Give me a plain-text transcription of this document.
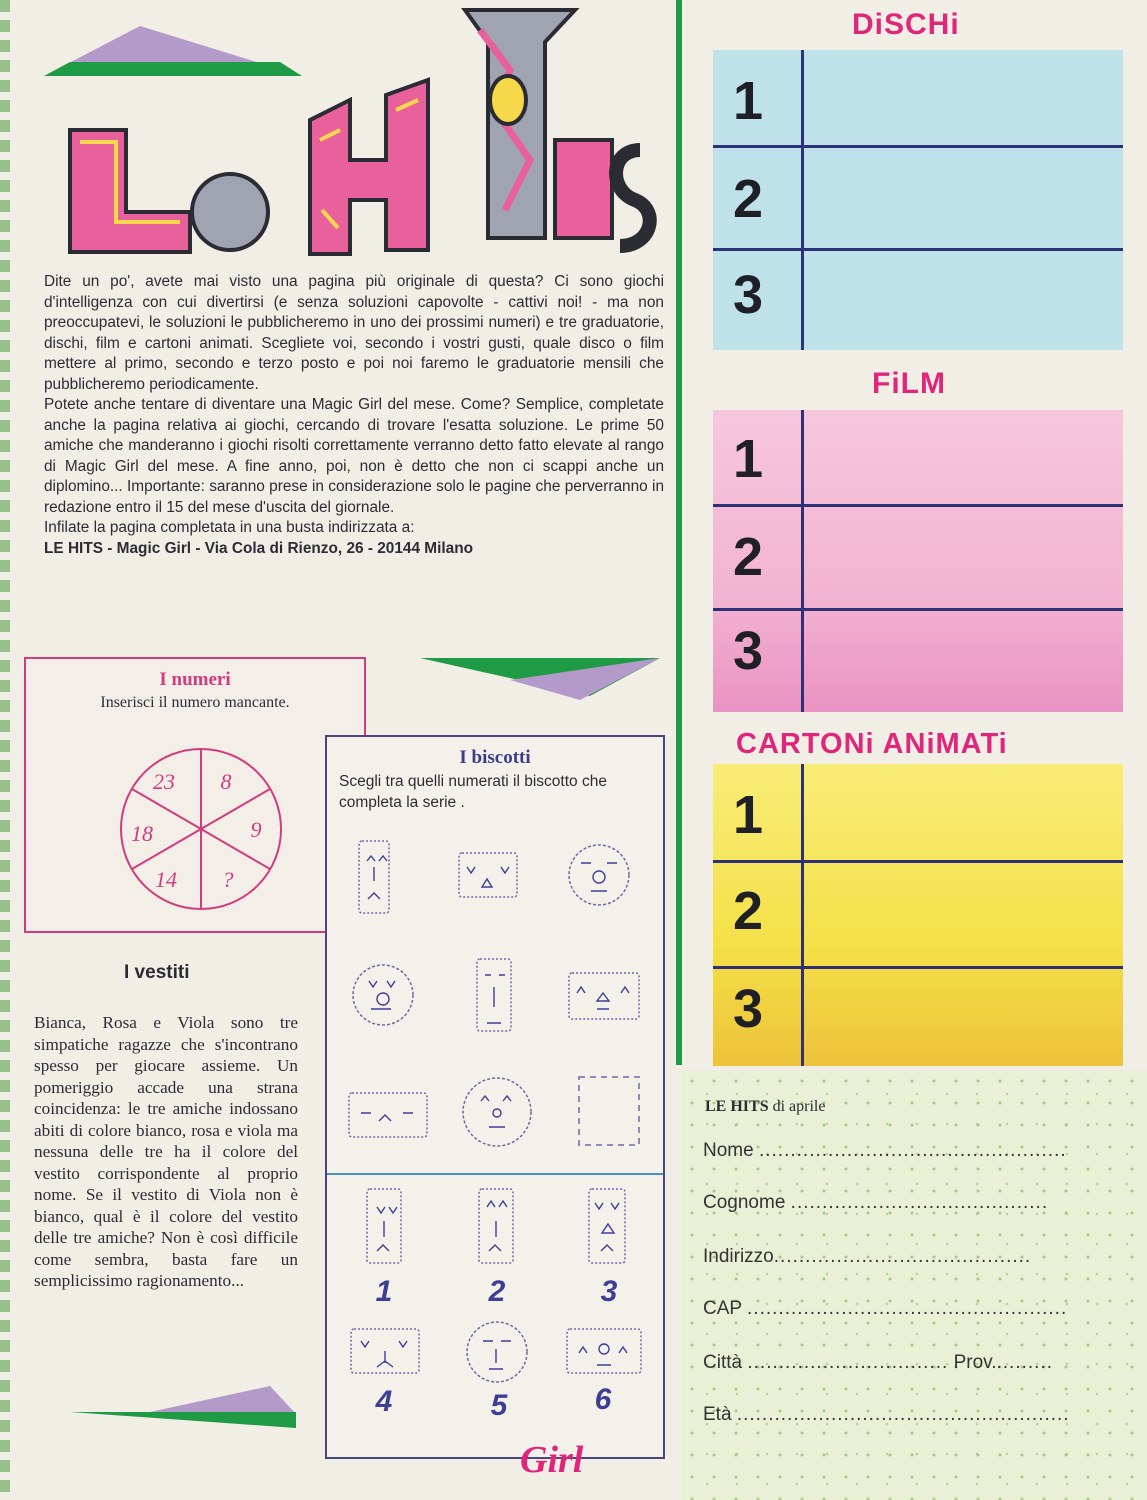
Dite un po', avete mai visto una pagina più originale di questa? Ci sono giochi d'intelligenza con cui divertirsi (e senza soluzioni capovolte - cattivi noi! - ma non preoccupatevi, le soluzioni le pubblicheremo in uno dei prossimi numeri) e tre graduatorie, dischi, film e cartoni animati. Scegliete voi, secondo i vostri gusti, quale disco o film mettere al primo, secondo e terzo posto e poi noi faremo le graduatorie mensili che pubblicheremo periodicamente.

Potete anche tentare di diventare una Magic Girl del mese. Come? Semplice, completate anche la pagina relativa ai giochi, cercando di trovare l'esatta soluzione. Le prime 50 amiche che manderanno i giochi risolti correttamente verranno detto fatto elevate al rango di Magic Girl del mese. A fine anno, poi, non è detto che non ci scappi anche un diplomino... Importante: saranno prese in considerazione solo le pagine che perverranno in redazione entro il 15 del mese d'uscita del giornale.

Infilate la pagina completata in una busta indirizzata a:

LE HITS - Magic Girl - Via Cola di Rienzo, 26 - 20144 Milano

I numeri
Inserisci il numero mancante.
23 8
9
?
14
18
I biscotti
Scegli tra quelli numerati il biscotto che completa la serie .
1	2	3
4	5	6
I vestiti
Bianca, Rosa e Viola sono tre simpatiche ragazze che s'incontrano spesso per giocare assieme. Un pomeriggio accade una strana coincidenza: le tre amiche indossano abiti di colore bianco, rosa e viola ma nessuna delle tre ha il colore del vestito corrispondente al proprio nome. Se il vestito di Viola non è bianco, qual è il colore del vestito delle tre amiche? Non è così difficile come sembra, basta fare un semplicissimo ragionamento...
Girl
DiSCHi
1
2
3
FiLM
1
2
3
CARTONi ANiMATi
1
2
3
LE HITS di aprile
Nome .................................................
Cognome .........................................
Indirizzo.........................................
CAP ...................................................
Città ................................ Prov..........
Età .....................................................
